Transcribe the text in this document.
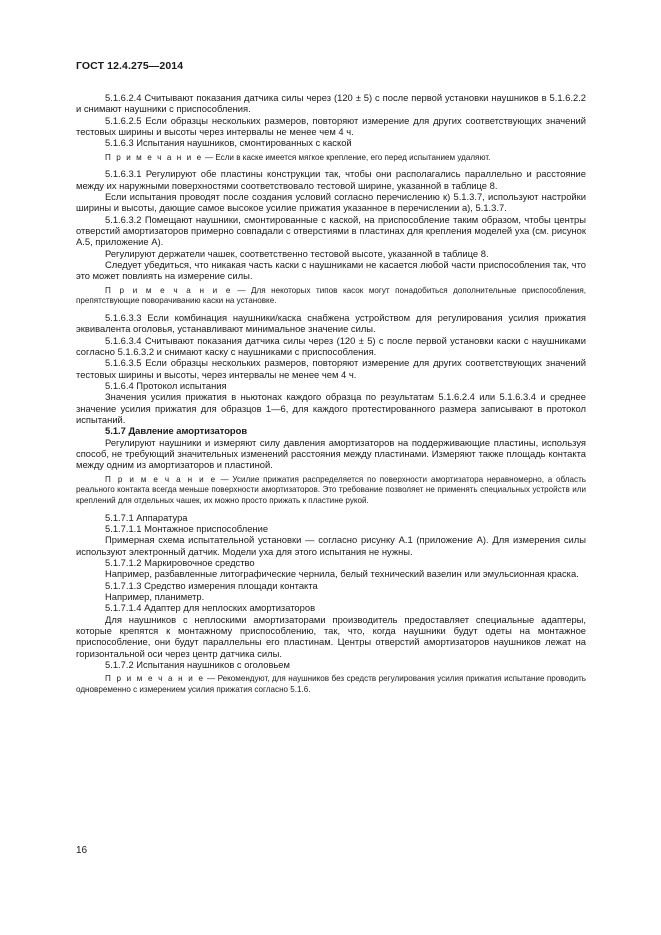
ГОСТ 12.4.275—2014

5.1.6.2.4 Считывают показания датчика силы через (120 ± 5) с после первой установки наушников в 5.1.6.2.2 и снимают наушники с приспособления.

5.1.6.2.5 Если образцы нескольких размеров, повторяют измерение для других соответствующих значений тестовых ширины и высоты через интервалы не менее чем 4 ч.

5.1.6.3 Испытания наушников, смонтированных с каской

П р и м е ч а н и е — Если в каске имеется мягкое крепление, его перед испытанием удаляют.

5.1.6.3.1 Регулируют обе пластины конструкции так, чтобы они располагались параллельно и расстояние между их наружными поверхностями соответствовало тестовой ширине, указанной в таблице 8.

Если испытания проводят после создания условий согласно перечислению к) 5.1.3.7, используют настройки ширины и высоты, дающие самое высокое усилие прижатия указанное в перечислении а), 5.1.3.7.

5.1.6.3.2 Помещают наушники, смонтированные с каской, на приспособление таким образом, чтобы центры отверстий амортизаторов примерно совпадали с отверстиями в пластинах для крепления моделей уха (см. рисунок А.5, приложение А).

Регулируют держатели чашек, соответственно тестовой высоте, указанной в таблице 8.

Следует убедиться, что никакая часть каски с наушниками не касается любой части приспособления так, что это может повлиять на измерение силы.

П р и м е ч а н и е — Для некоторых типов касок могут понадобиться дополнительные приспособления, препятствующие поворачиванию каски на установке.

5.1.6.3.3 Если комбинация наушники/каска снабжена устройством для регулирования усилия прижатия эквивалента оголовья, устанавливают минимальное значение силы.

5.1.6.3.4 Считывают показания датчика силы через (120 ± 5) с после первой установки каски с наушниками согласно 5.1.6.3.2 и снимают каску с наушниками с приспособления.

5.1.6.3.5 Если образцы нескольких размеров, повторяют измерение для других соответствующих значений тестовых ширины и высоты, через интервалы не менее чем 4 ч.

5.1.6.4 Протокол испытания

Значения усилия прижатия в ньютонах каждого образца по результатам 5.1.6.2.4 или 5.1.6.3.4 и среднее значение усилия прижатия для образцов 1—6, для каждого протестированного размера записывают в протокол испытаний.

5.1.7 Давление амортизаторов

Регулируют наушники и измеряют силу давления амортизаторов на поддерживающие пластины, используя способ, не требующий значительных изменений расстояния между пластинами. Измеряют также площадь контакта между одним из амортизаторов и пластиной.

П р и м е ч а н и е — Усилие прижатия распределяется по поверхности амортизатора неравномерно, а область реального контакта всегда меньше поверхности амортизаторов. Это требование позволяет не применять специальных устройств или креплений для отдельных чашек, их можно просто прижать к пластине рукой.

5.1.7.1 Аппаратура

5.1.7.1.1 Монтажное приспособление

Примерная схема испытательной установки — согласно рисунку А.1 (приложение А). Для измерения силы используют электронный датчик. Модели уха для этого испытания не нужны.

5.1.7.1.2 Маркировочное средство

Например, разбавленные литографические чернила, белый технический вазелин или эмульсионная краска.

5.1.7.1.3 Средство измерения площади контакта

Например, планиметр.

5.1.7.1.4 Адаптер для неплоских амортизаторов

Для наушников с неплоскими амортизаторами производитель предоставляет специальные адаптеры, которые крепятся к монтажному приспособлению, так, что, когда наушники будут одеты на монтажное приспособление, они будут параллельны его пластинам. Центры отверстий амортизаторов наушников лежат на горизонтальной оси через центр датчика силы.

5.1.7.2 Испытания наушников с оголовьем

П р и м е ч а н и е — Рекомендуют, для наушников без средств регулирования усилия прижатия испытание проводить одновременно с измерением усилия прижатия согласно 5.1.6.

16
